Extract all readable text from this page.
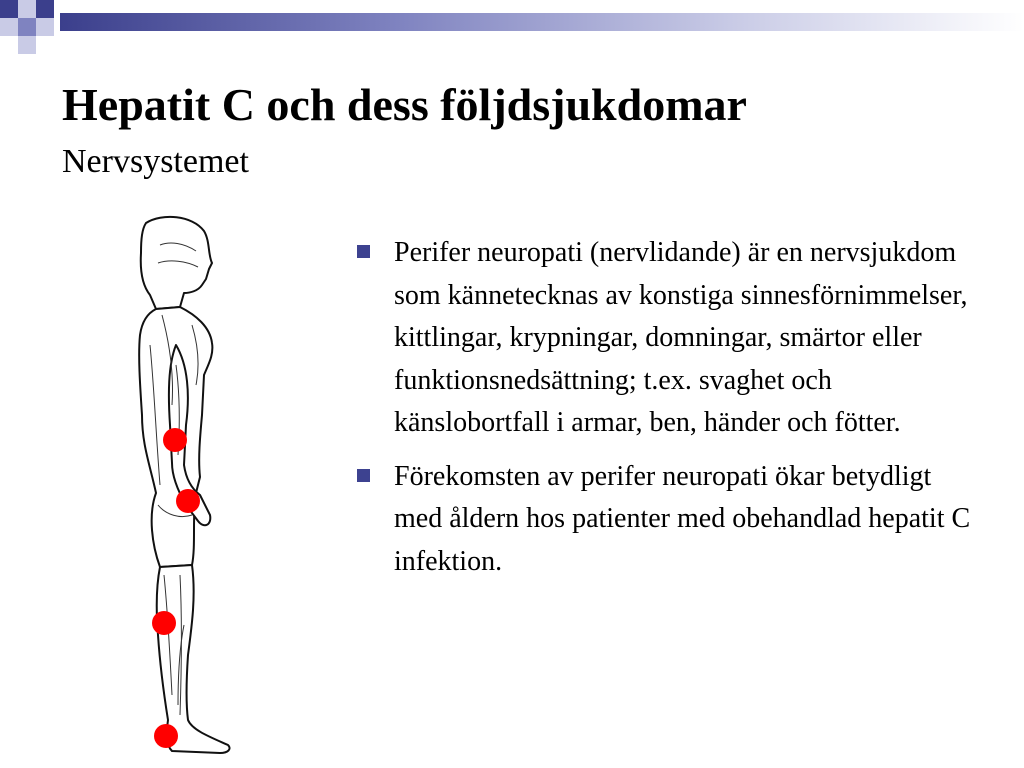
Hepatit C och dess följdsjukdomar
Nervsystemet
Perifer neuropati (nervlidande) är en nervsjukdom som kännetecknas av konstiga sinnesförnimmelser, kittlingar, krypningar, domningar, smärtor eller funktionsnedsättning; t.ex. svaghet och känslobortfall i armar, ben, händer och fötter.
Förekomsten av perifer neuropati ökar betydligt med åldern hos patienter med obehandlad hepatit C infektion.
